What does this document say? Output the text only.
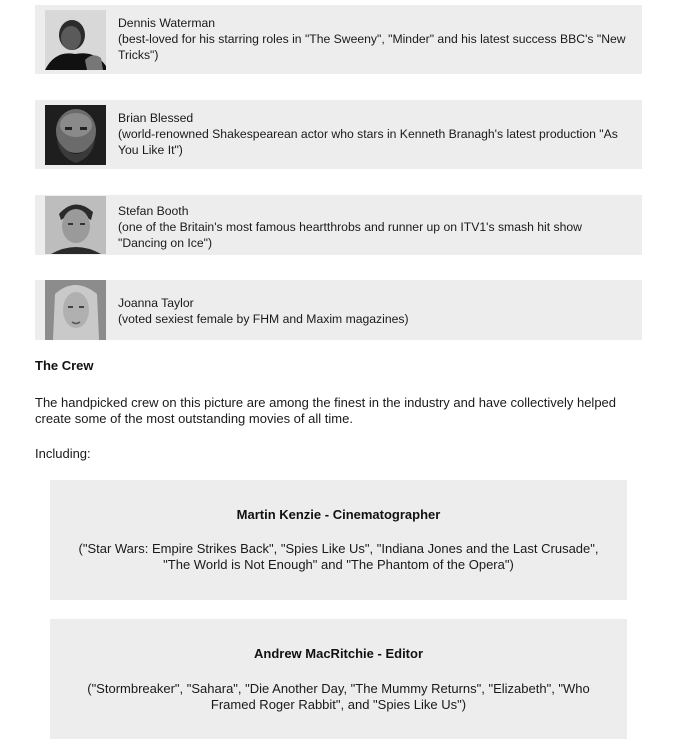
Dennis Waterman
(best-loved for his starring roles in "The Sweeny", "Minder" and his latest success BBC's "New Tricks")
Brian Blessed
(world-renowned Shakespearean actor who stars in Kenneth Branagh's latest production "As You Like It")
Stefan Booth
(one of the Britain's most famous heartthrobs and runner up on ITV1's smash hit show "Dancing on Ice")
Joanna Taylor
(voted sexiest female by FHM and Maxim magazines)
The Crew
The handpicked crew on this picture are among the finest in the industry and have collectively helped create some of the most outstanding movies of all time.
Including:
Martin Kenzie - Cinematographer
("Star Wars: Empire Strikes Back", "Spies Like Us", "Indiana Jones and the Last Crusade", "The World is Not Enough" and "The Phantom of the Opera")
Andrew MacRitchie - Editor
("Stormbreaker", "Sahara", "Die Another Day, "The Mummy Returns", "Elizabeth", "Who Framed Roger Rabbit", and "Spies Like Us")
